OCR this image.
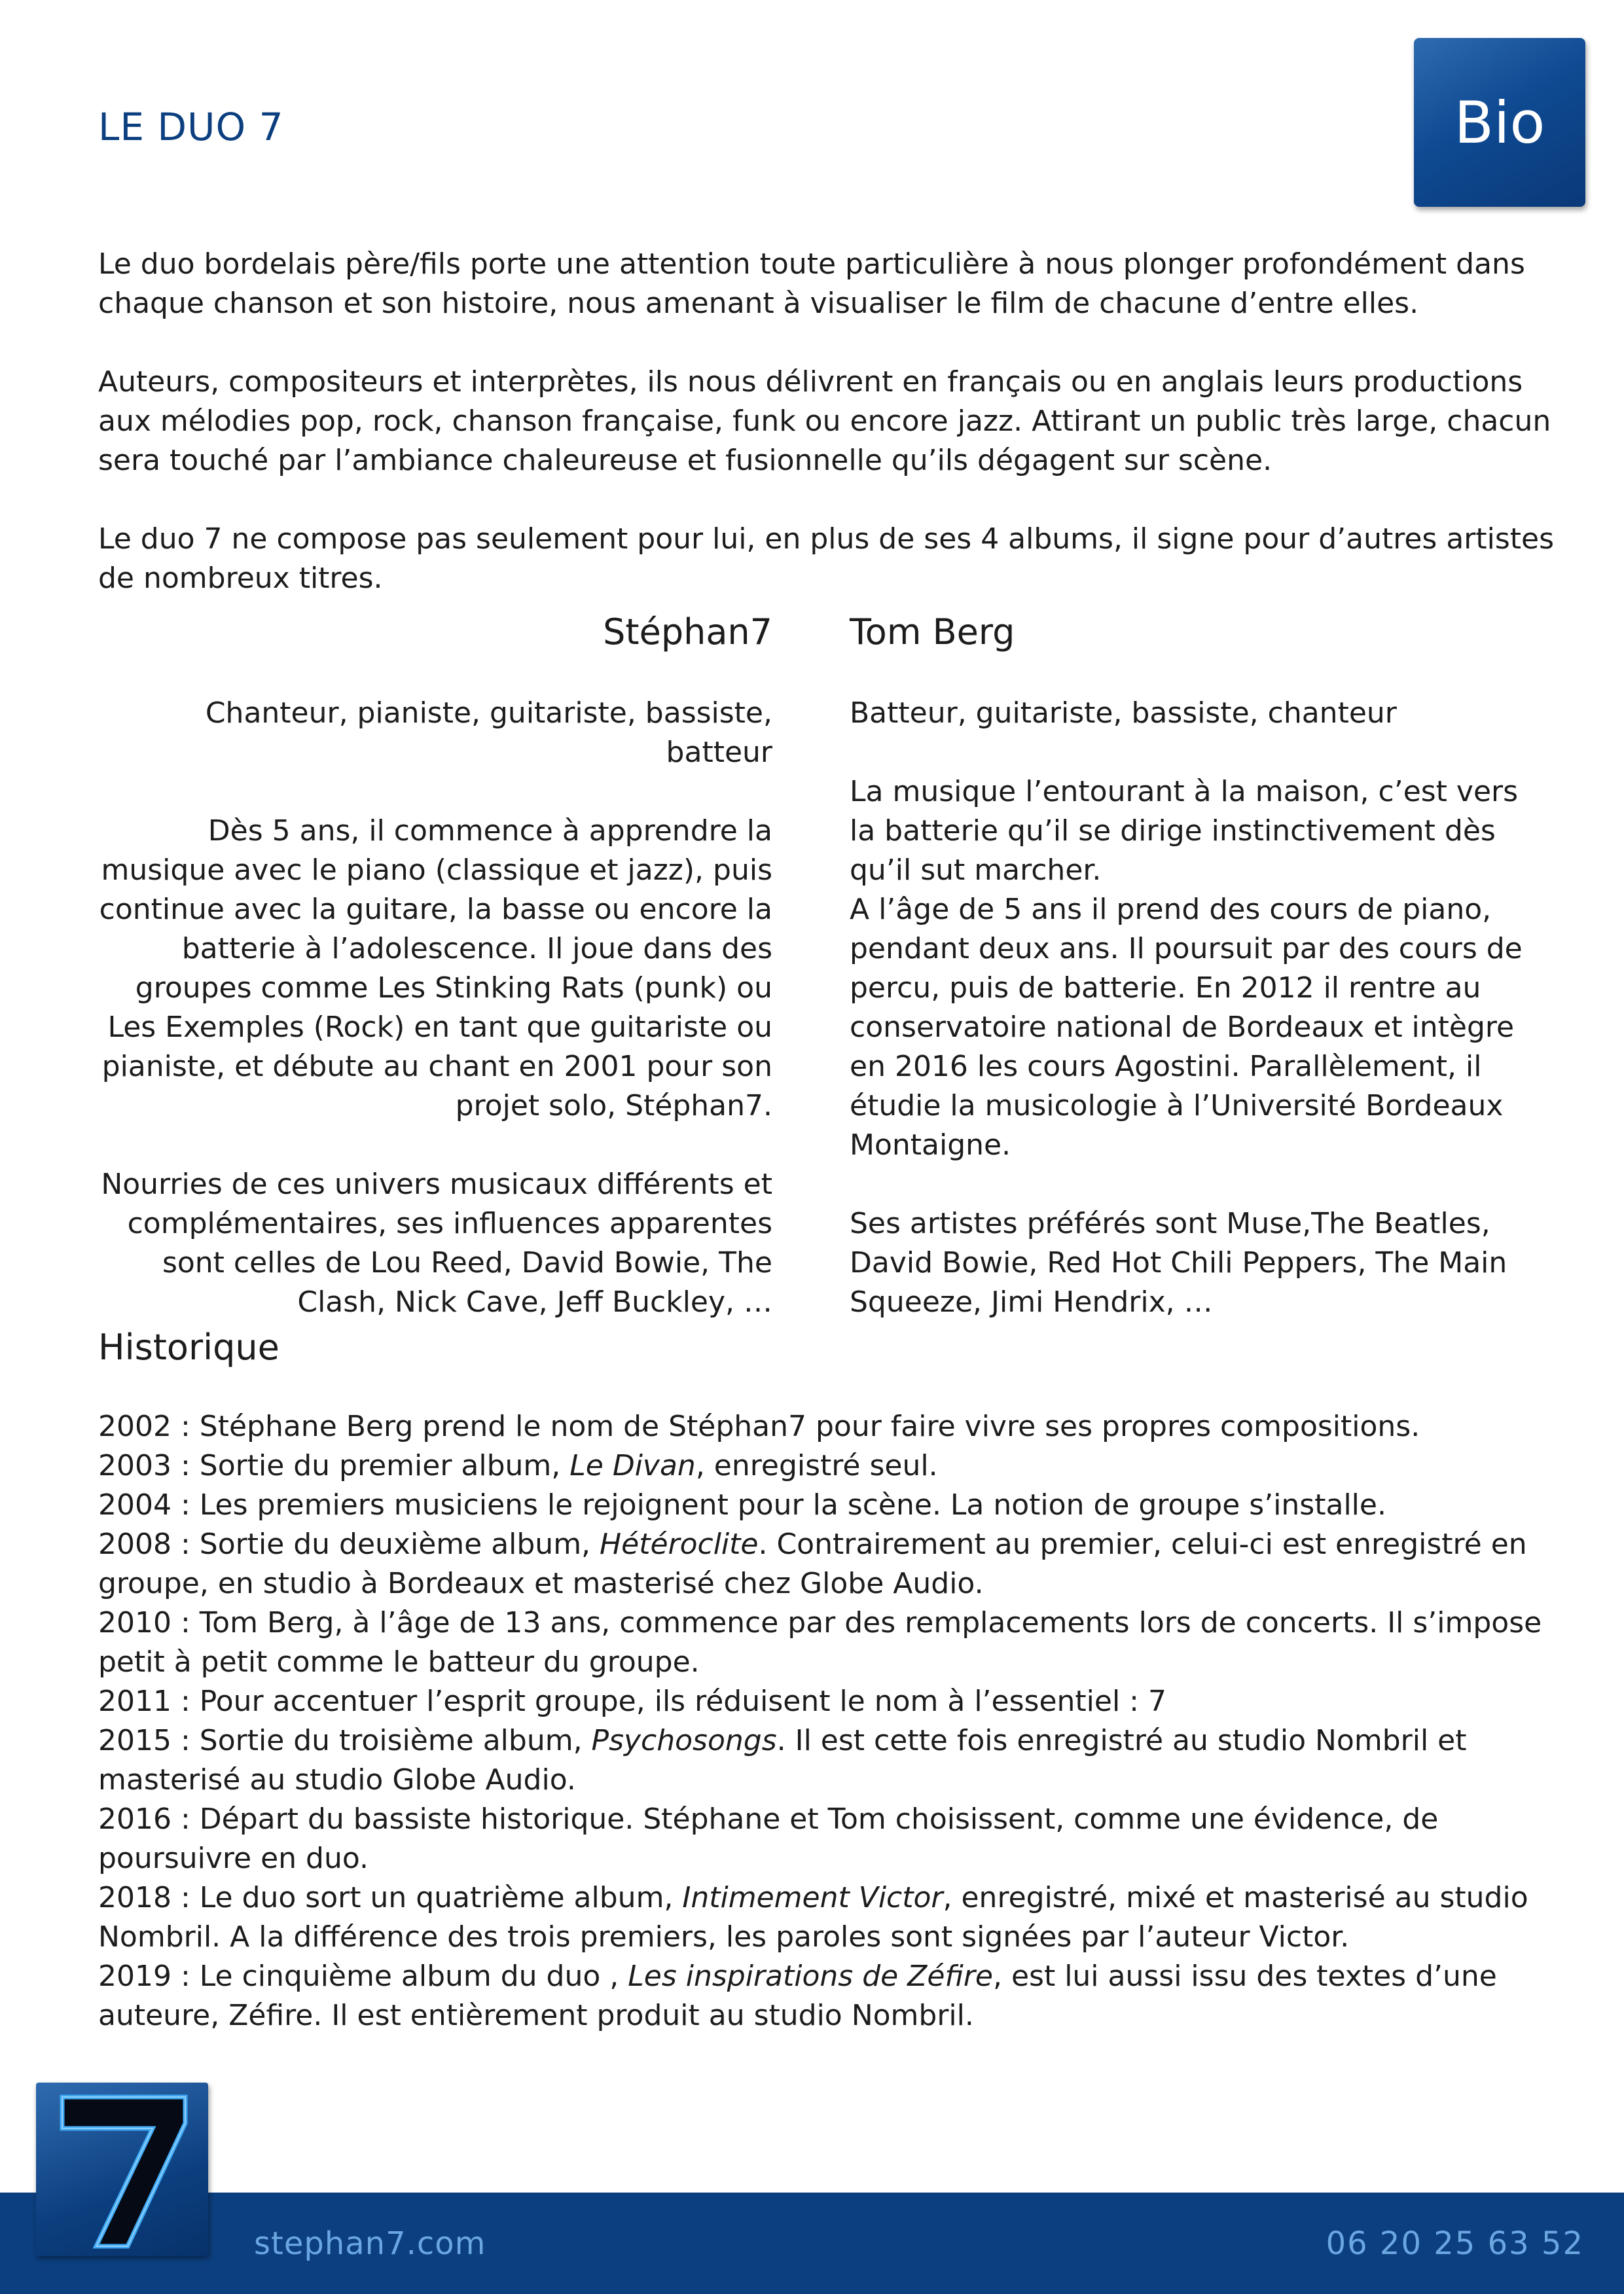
LE DUO 7	Bio

Le duo bordelais père/fils porte une attention toute particulière à nous plonger profondément dans chaque chanson et son histoire, nous amenant à visualiser le film de chacune d’entre elles.

Auteurs, compositeurs et interprètes, ils nous délivrent en français ou en anglais leurs productions aux mélodies pop, rock, chanson française, funk ou encore jazz. Attirant un public très large, chacun sera touché par l’ambiance chaleureuse et fusionnelle qu’ils dégagent sur scène.

Le duo 7 ne compose pas seulement pour lui, en plus de ses 4 albums, il signe pour d’autres artistes de nombreux titres.

Stéphan7 Tom Berg

Chanteur, pianiste, guitariste, bassiste, batteur

Dès 5 ans, il commence à apprendre la musique avec le piano (classique et jazz), puis continue avec la guitare, la basse ou encore la batterie à l’adolescence. Il joue dans des groupes comme Les Stinking Rats (punk) ou Les Exemples (Rock) en tant que guitariste ou pianiste, et débute au chant en 2001 pour son projet solo, Stéphan7.

Nourries de ces univers musicaux différents et complémentaires, ses influences apparentes sont celles de Lou Reed, David Bowie, The Clash, Nick Cave, Jeff Buckley, …

Batteur, guitariste, bassiste, chanteur

La musique l’entourant à la maison, c’est vers la batterie qu’il se dirige instinctivement dès qu’il sut marcher.

A l’âge de 5 ans il prend des cours de piano, pendant deux ans. Il poursuit par des cours de percu, puis de batterie. En 2012 il rentre au conservatoire national de Bordeaux et intègre en 2016 les cours Agostini. Parallèlement, il étudie la musicologie à l’Université Bordeaux Montaigne.

Ses artistes préférés sont Muse,The Beatles, David Bowie, Red Hot Chili Peppers, The Main Squeeze, Jimi Hendrix, …

Historique

2002 : Stéphane Berg prend le nom de Stéphan7 pour faire vivre ses propres compositions.

2003 : Sortie du premier album, Le Divan, enregistré seul.

2004 : Les premiers musiciens le rejoignent pour la scène. La notion de groupe s’installe.

2008 : Sortie du deuxième album, Hétéroclite. Contrairement au premier, celui-ci est enregistré en groupe, en studio à Bordeaux et masterisé chez Globe Audio.

2010 : Tom Berg, à l’âge de 13 ans, commence par des remplacements lors de concerts. Il s’impose petit à petit comme le batteur du groupe.

2011 : Pour accentuer l’esprit groupe, ils réduisent le nom à l’essentiel : 7

2015 : Sortie du troisième album, Psychosongs. Il est cette fois enregistré au studio Nombril et masterisé au studio Globe Audio.

2016 : Départ du bassiste historique. Stéphane et Tom choisissent, comme une évidence, de poursuivre en duo.

2018 : Le duo sort un quatrième album, Intimement Victor, enregistré, mixé et masterisé au studio Nombril. A la différence des trois premiers, les paroles sont signées par l’auteur Victor.

2019 : Le cinquième album du duo , Les inspirations de Zéfire, est lui aussi issu des textes d’une auteure, Zéfire. Il est entièrement produit au studio Nombril.

stephan7.com	06 20 25 63 52
